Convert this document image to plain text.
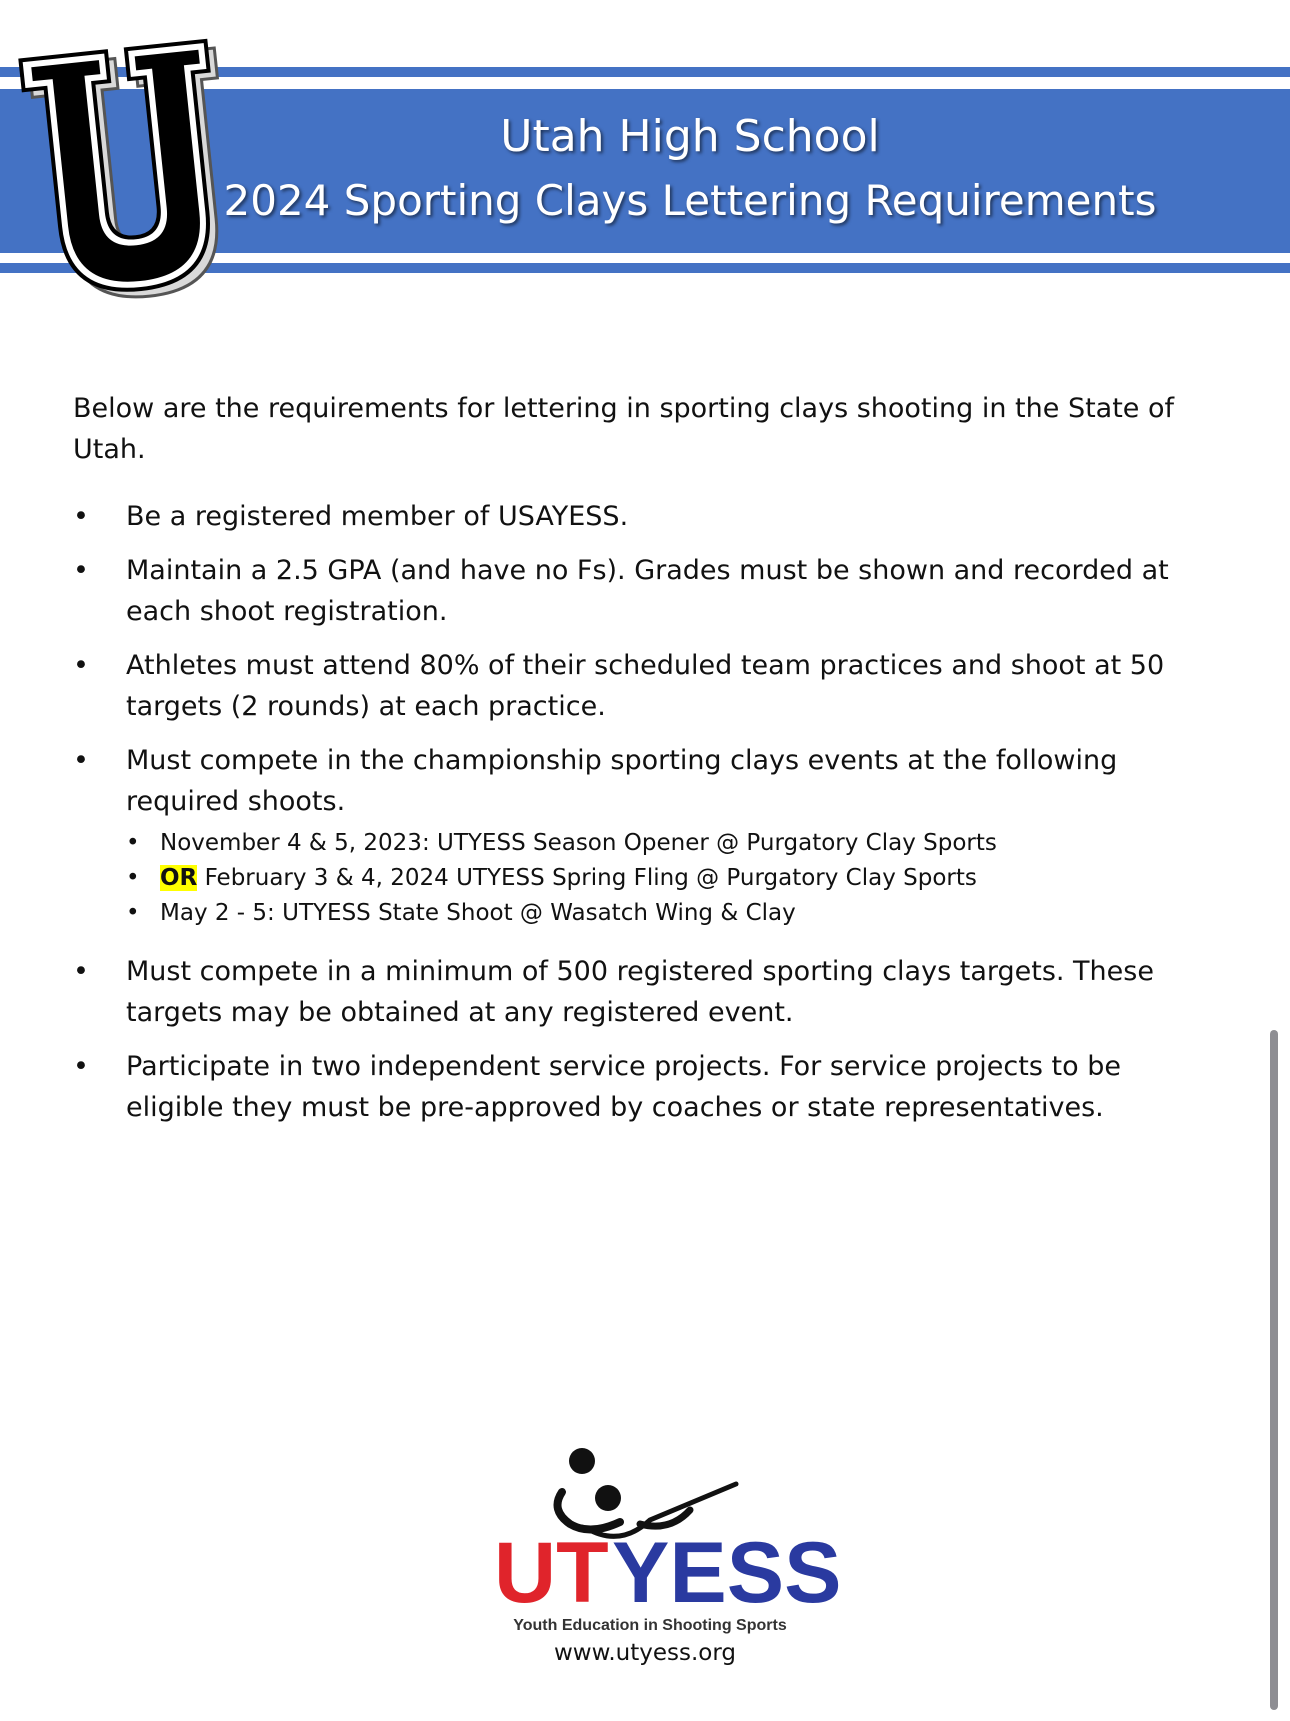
Utah High School
2024 Sporting Clays Lettering Requirements

Below are the requirements for lettering in sporting clays shooting in the State of Utah.

• Be a registered member of USAYESS.
• Maintain a 2.5 GPA (and have no Fs). Grades must be shown and recorded at each shoot registration.
• Athletes must attend 80% of their scheduled team practices and shoot at 50 targets (2 rounds) at each practice.
• Must compete in the championship sporting clays events at the following required shoots.
• November 4 & 5, 2023: UTYESS Season Opener @ Purgatory Clay Sports
• OR February 3 & 4, 2024 UTYESS Spring Fling @ Purgatory Clay Sports
• May 2 - 5: UTYESS State Shoot @ Wasatch Wing & Clay
• Must compete in a minimum of 500 registered sporting clays targets. These targets may be obtained at any registered event.
• Participate in two independent service projects. For service projects to be eligible they must be pre-approved by coaches or state representatives.
UT YESS
Youth Education in Shooting Sports
www.utyess.org
